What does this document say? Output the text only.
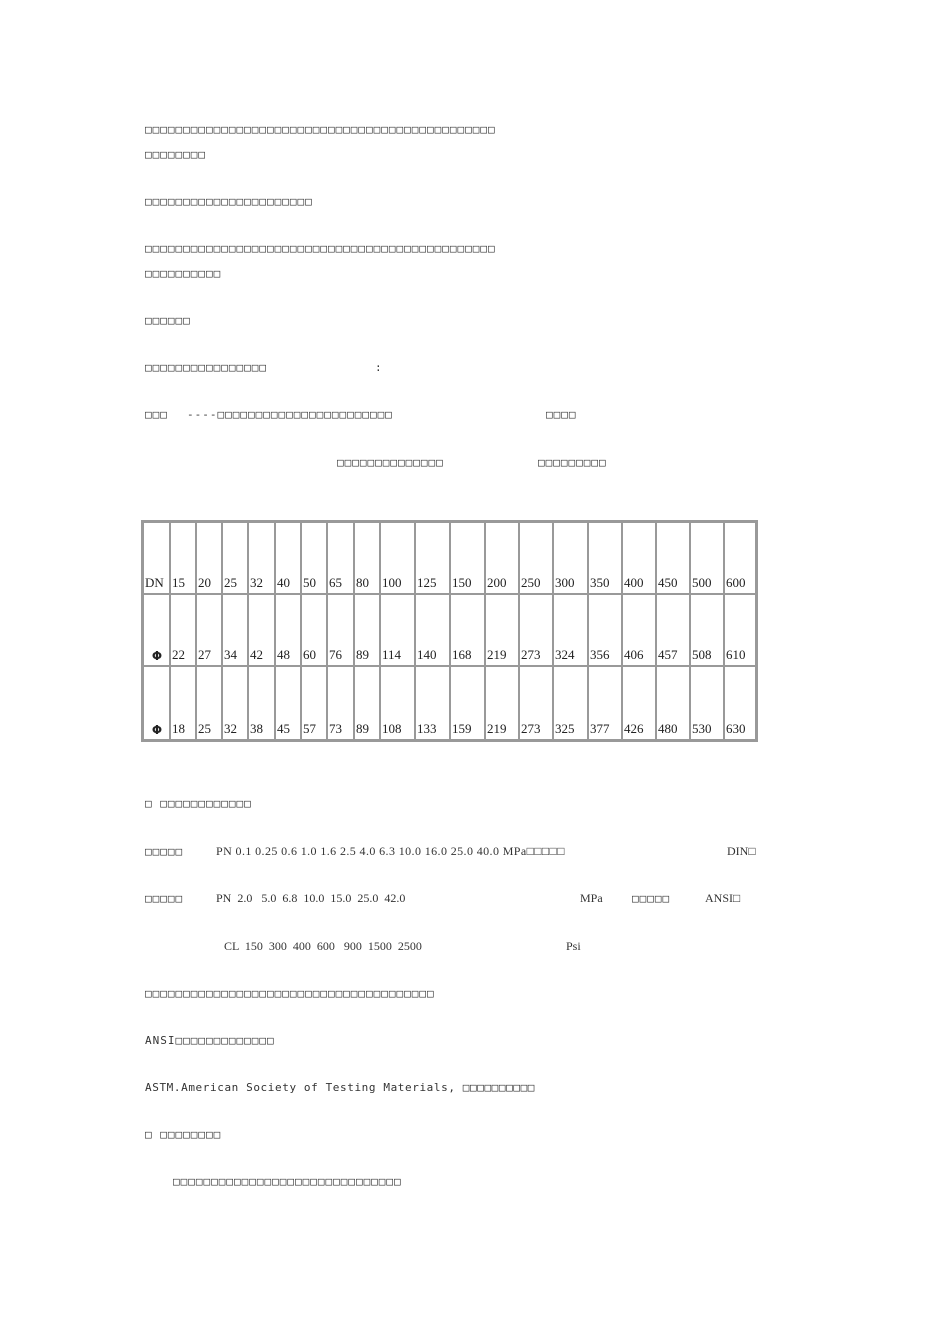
□□□□□□□□□□□□□□□□□□□□□□□□□□□□□□□□□□□□□□□□□□□□□□
□□□□□□□□
□□□□□□□□□□□□□□□□□□□□□□
□□□□□□□□□□□□□□□□□□□□□□□□□□□□□□□□□□□□□□□□□□□□□□
□□□□□□□□□□
□□□□□□
□□□□□□□□□□□□□□□□	:
□□□ ----□□□□□□□□□□□□□□□□□□□□□□□	□□□□
□□□□□□□□□□□□□□	□□□□□□□□□
DN	15	20	25	32	40	50	65	80	100	125	150	200	250	300	350	400	450	500	600
Φ	22	27	34	42	48	60	76	89	114	140	168	219	273	324	356	406	457	508	610
Φ	18	25	32	38	45	57	73	89	108	133	159	219	273	325	377	426	480	530	630
□ □□□□□□□□□□□□
□□□□□	PN 0.1 0.25 0.6 1.0 1.6 2.5 4.0 6.3 10.0 16.0 25.0 40.0 MPa□□□□□	DIN□
□□□□□	PN  2.0   5.0  6.8  10.0  15.0  25.0  42.0	MPa	□□□□□	ANSI□
CL  150  300  400  600   900  1500  2500	Psi
□□□□□□□□□□□□□□□□□□□□□□□□□□□□□□□□□□□□□□
ANSI□□□□□□□□□□□□□
ASTM.American Society of Testing Materials, □□□□□□□□□□
□ □□□□□□□□
□□□□□□□□□□□□□□□□□□□□□□□□□□□□□□
